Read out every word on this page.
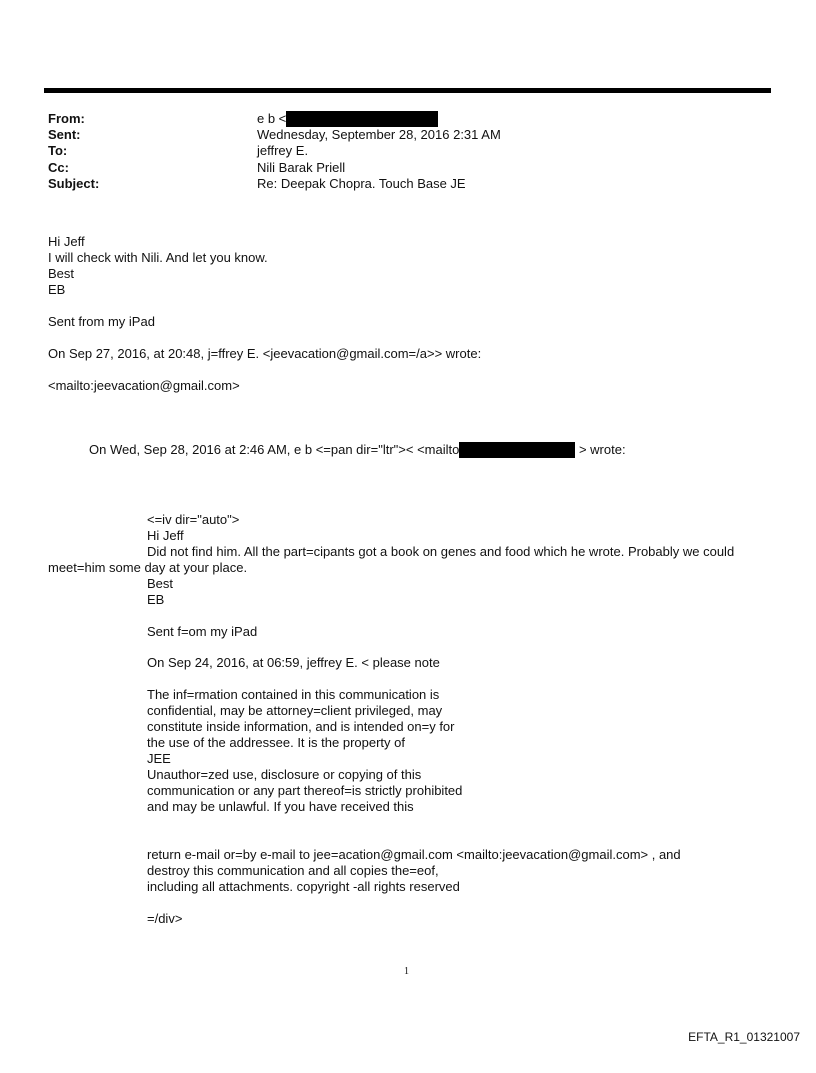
From:	e b <
Sent:	Wednesday, September 28, 2016 2:31 AM
To:	jeffrey E.
Cc:	Nili Barak Priell
Subject:	Re: Deepak Chopra. Touch Base JE
Hi Jeff
I will check with Nili. And let you know.
Best
EB
Sent from my iPad
On Sep 27, 2016, at 20:48, j=ffrey E. <jeevacation@gmail.com=/a>> wrote:
<mailto:jeevacation@gmail.com>
On Wed, Sep 28, 2016 at 2:46 AM, e b <=pan dir="ltr">< <mailto	> wrote:
<=iv dir="auto">
Hi Jeff
Did not find him. All the part=cipants got a book on genes and food which he wrote. Probably we could
meet=him some day at your place.
Best
EB
Sent f=om my iPad
On Sep 24, 2016, at 06:59, jeffrey E. < please note
The inf=rmation contained in this communication is
confidential, may be attorney=client privileged, may
constitute inside information, and is intended on=y for
the use of the addressee. It is the property of
JEE
Unauthor=zed use, disclosure or copying of this
communication or any part thereof=is strictly prohibited
and may be unlawful. If you have received this
return e-mail or=by e-mail to jee=acation@gmail.com <mailto:jeevacation@gmail.com> , and
destroy this communication and all copies the=eof,
including all attachments. copyright -all rights reserved
=/div>
1
EFTA_R1_01321007
